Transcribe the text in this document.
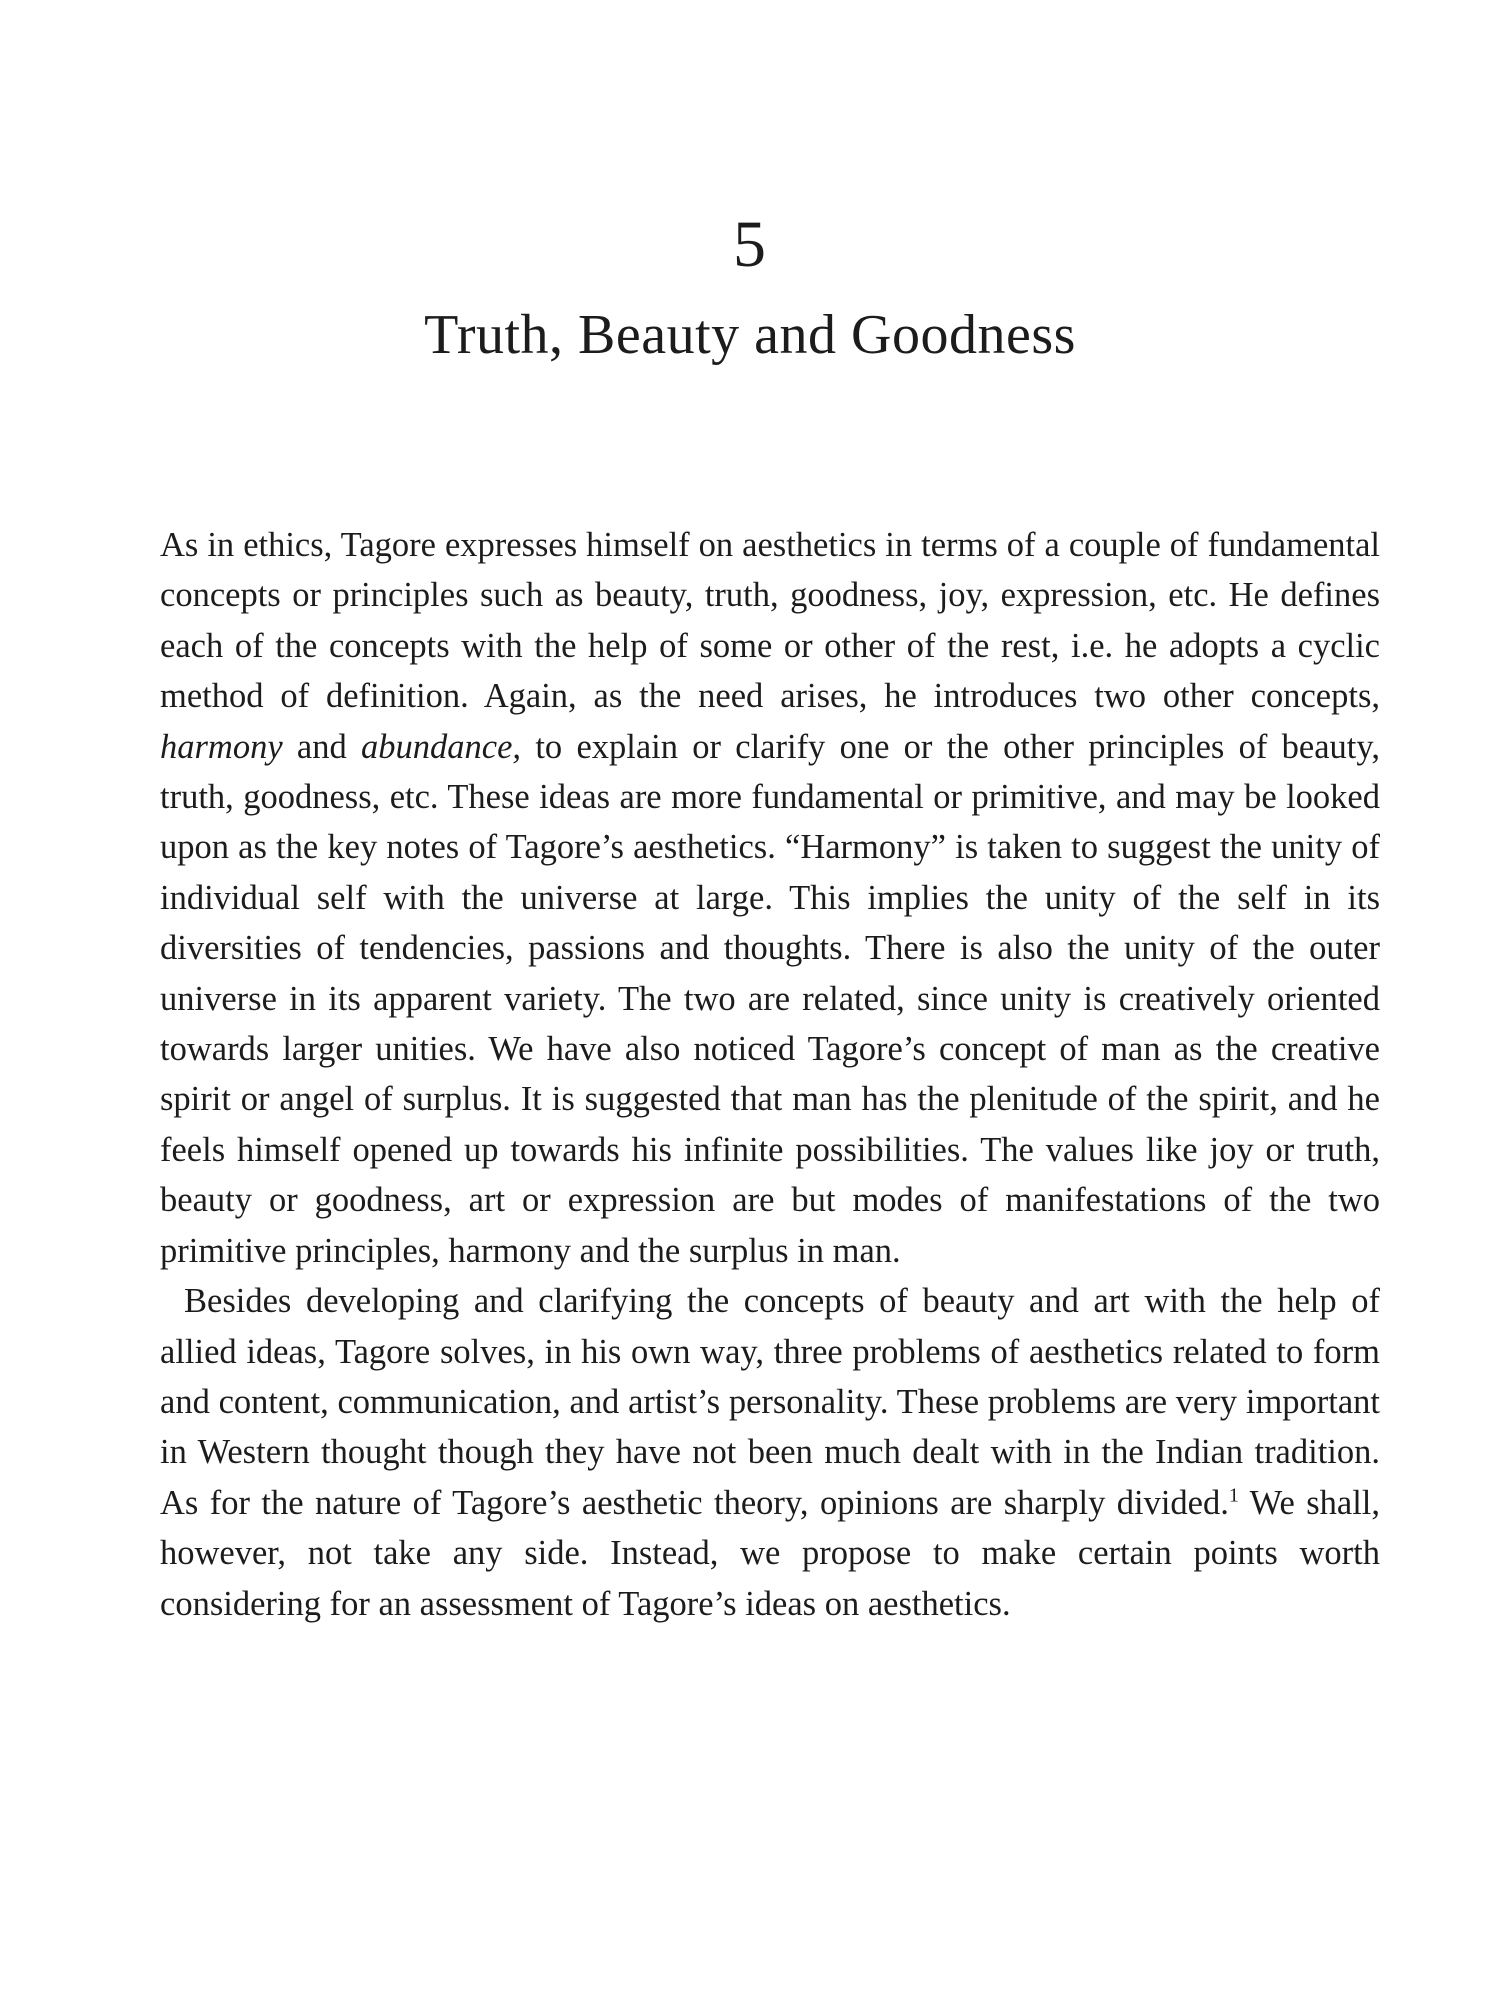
5
Truth, Beauty and Goodness

As in ethics, Tagore expresses himself on aesthetics in terms of a couple of fundamental concepts or principles such as beauty, truth, goodness, joy, expression, etc. He defines each of the concepts with the help of some or other of the rest, i.e. he adopts a cyclic method of definition. Again, as the need arises, he introduces two other concepts, harmony and abundance, to explain or clarify one or the other principles of beauty, truth, goodness, etc. These ideas are more fundamental or primitive, and may be looked upon as the key notes of Tagore’s aesthetics. “Harmony” is taken to suggest the unity of individual self with the universe at large. This implies the unity of the self in its diversities of tendencies, passions and thoughts. There is also the unity of the outer universe in its apparent variety. The two are related, since unity is creatively oriented towards larger unities. We have also noticed Tagore’s concept of man as the creative spirit or angel of surplus. It is suggested that man has the plenitude of the spirit, and he feels himself opened up towards his infinite possibilities. The values like joy or truth, beauty or goodness, art or expression are but modes of manifestations of the two primitive principles, harmony and the surplus in man.

Besides developing and clarifying the concepts of beauty and art with the help of allied ideas, Tagore solves, in his own way, three problems of aesthetics related to form and content, communication, and artist’s personality. These problems are very important in Western thought though they have not been much dealt with in the Indian tradition. As for the nature of Tagore’s aesthetic theory, opinions are sharply divided.$^1$ We shall, however, not take any side. Instead, we propose to make certain points worth considering for an assessment of Tagore’s ideas on aesthetics.
